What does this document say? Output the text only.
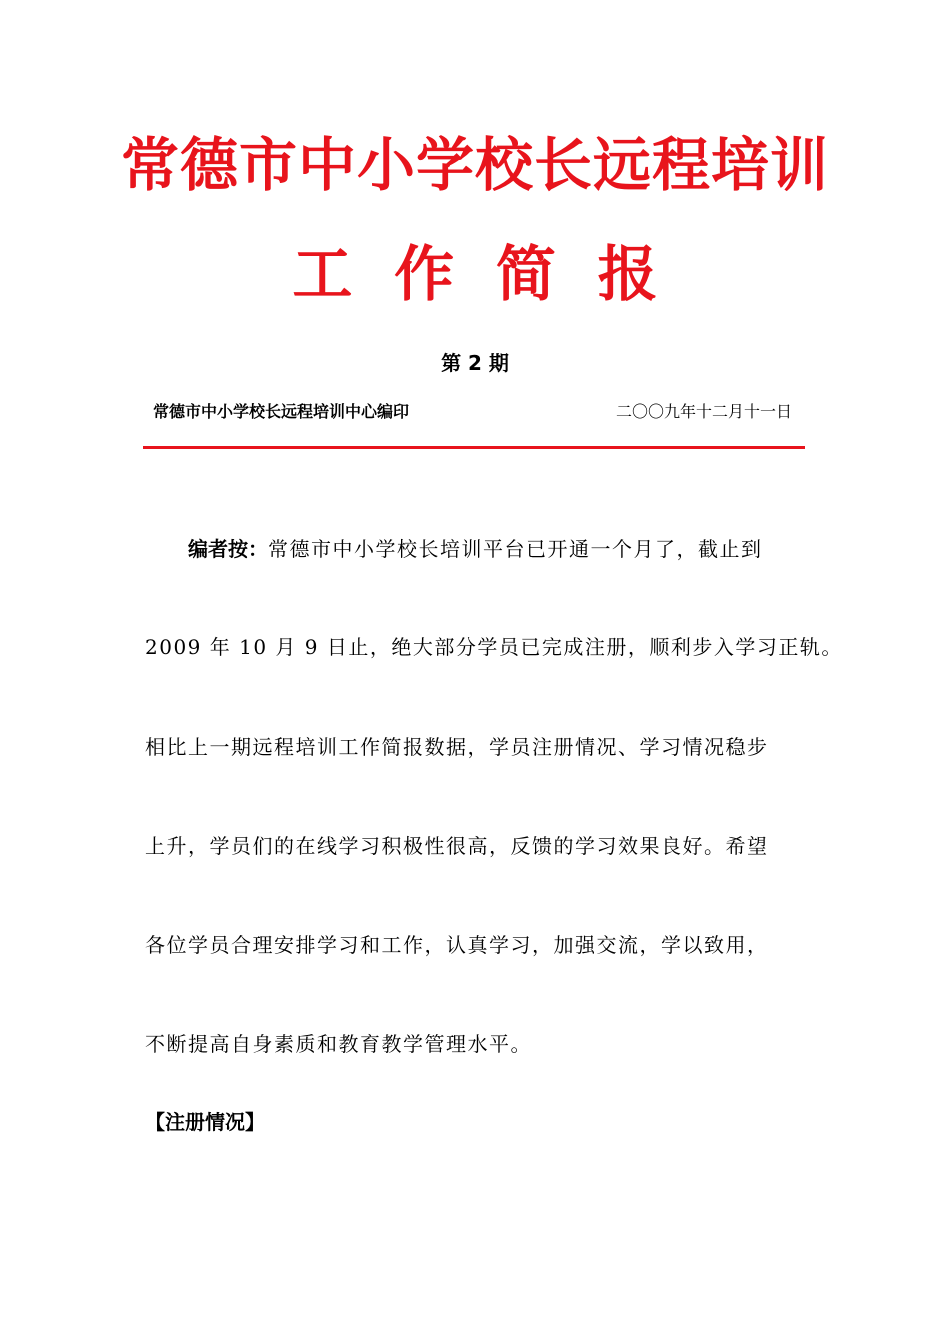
常德市中小学校长远程培训
工  作  简  报
第 2 期
常德市中小学校长远程培训中心编印	二〇〇九年十二月十一日
编者按：常德市中小学校长培训平台已开通一个月了，截止到
2009 年 10 月 9 日止，绝大部分学员已完成注册，顺利步入学习正轨。
相比上一期远程培训工作简报数据，学员注册情况、学习情况稳步
上升，学员们的在线学习积极性很高，反馈的学习效果良好。希望
各位学员合理安排学习和工作，认真学习，加强交流，学以致用，
不断提高自身素质和教育教学管理水平。
【注册情况】
